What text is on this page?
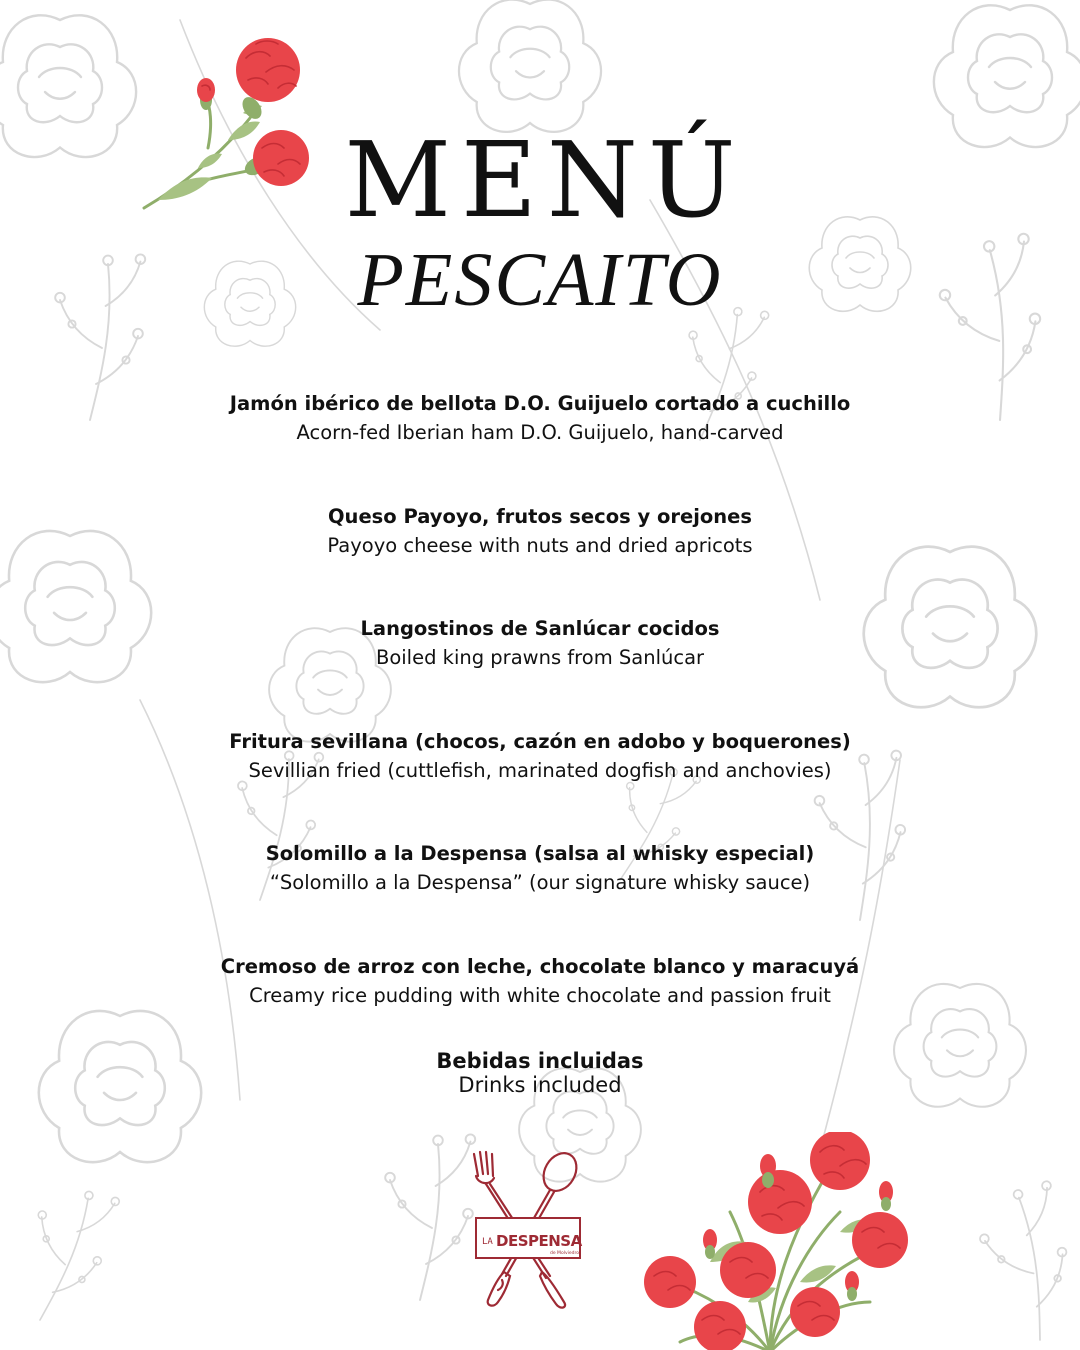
MENÚ
PESCAITO
Jamón ibérico de bellota D.O. Guijuelo cortado a cuchillo
Acorn-fed Iberian ham D.O. Guijuelo, hand-carved
Queso Payoyo, frutos secos y orejones
Payoyo cheese with nuts and dried apricots
Langostinos de Sanlúcar cocidos
Boiled king prawns from Sanlúcar
Fritura sevillana (chocos, cazón en adobo y boquerones)
Sevillian fried (cuttlefish, marinated dogfish and anchovies)
Solomillo a la Despensa (salsa al whisky especial)
“Solomillo a la Despensa” (our signature whisky sauce)
Cremoso de arroz con leche, chocolate blanco y maracuyá
Creamy rice pudding with white chocolate and passion fruit
Bebidas incluidas
Drinks included
LA DESPENSA
de Molviedro
